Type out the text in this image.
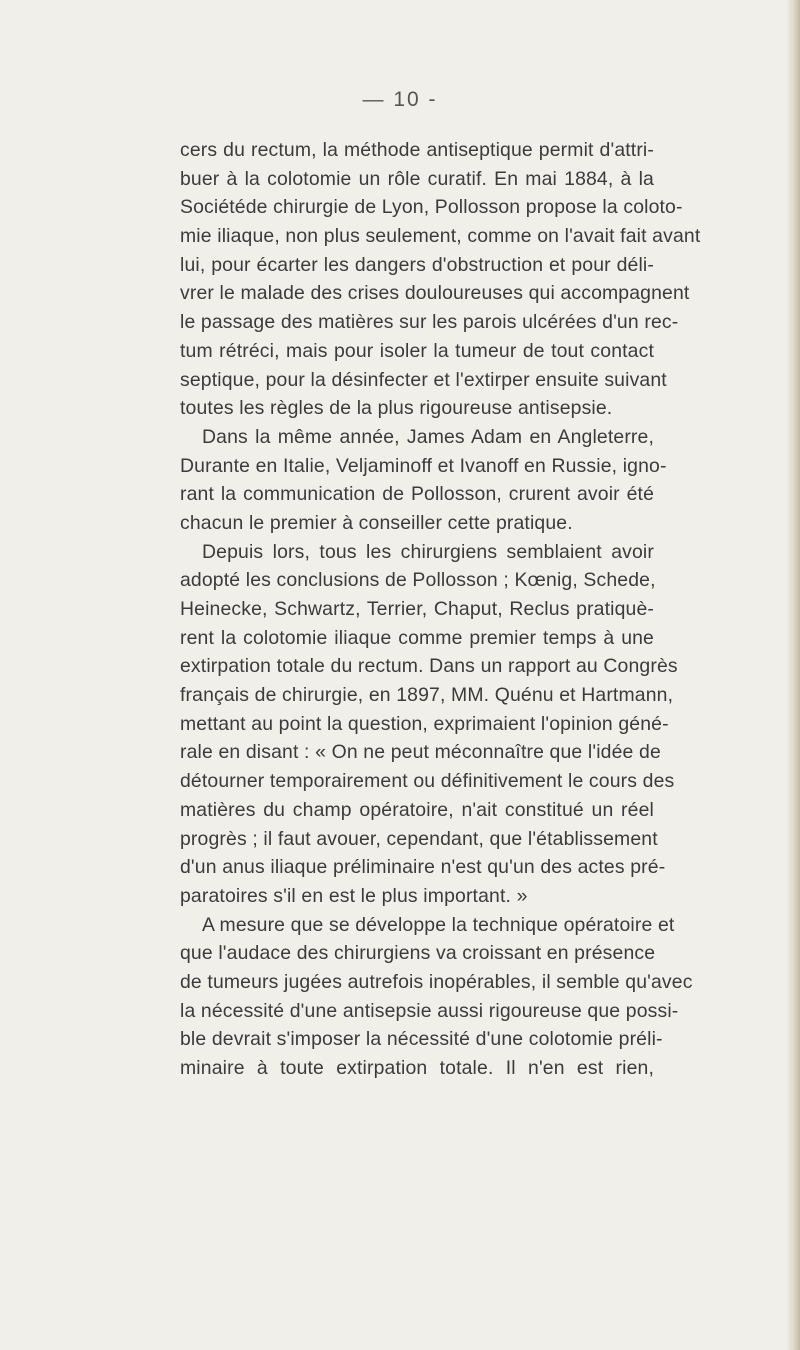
— 10 -
cers du rectum, la méthode antiseptique permit d'attri-
buer à la colotomie un rôle curatif. En mai 1884, à la
Sociétéde chirurgie de Lyon, Pollosson propose la coloto-
mie iliaque, non plus seulement, comme on l'avait fait avant
lui, pour écarter les dangers d'obstruction et pour déli-
vrer le malade des crises douloureuses qui accompagnent
le passage des matières sur les parois ulcérées d'un rec-
tum rétréci, mais pour isoler la tumeur de tout contact
septique, pour la désinfecter et l'extirper ensuite suivant
toutes les règles de la plus rigoureuse antisepsie.
Dans la même année, James Adam en Angleterre,
Durante en Italie, Veljaminoff et Ivanoff en Russie, igno-
rant la communication de Pollosson, crurent avoir été
chacun le premier à conseiller cette pratique.
Depuis lors, tous les chirurgiens semblaient avoir
adopté les conclusions de Pollosson ; Kœnig, Schede,
Heinecke, Schwartz, Terrier, Chaput, Reclus pratiquè-
rent la colotomie iliaque comme premier temps à une
extirpation totale du rectum. Dans un rapport au Congrès
français de chirurgie, en 1897, MM. Quénu et Hartmann,
mettant au point la question, exprimaient l'opinion géné-
rale en disant : « On ne peut méconnaître que l'idée de
détourner temporairement ou définitivement le cours des
matières du champ opératoire, n'ait constitué un réel
progrès ; il faut avouer, cependant, que l'établissement
d'un anus iliaque préliminaire n'est qu'un des actes pré-
paratoires s'il en est le plus important. »
A mesure que se développe la technique opératoire et
que l'audace des chirurgiens va croissant en présence
de tumeurs jugées autrefois inopérables, il semble qu'avec
la nécessité d'une antisepsie aussi rigoureuse que possi-
ble devrait s'imposer la nécessité d'une colotomie préli-
minaire à toute extirpation totale. Il n'en est rien,
